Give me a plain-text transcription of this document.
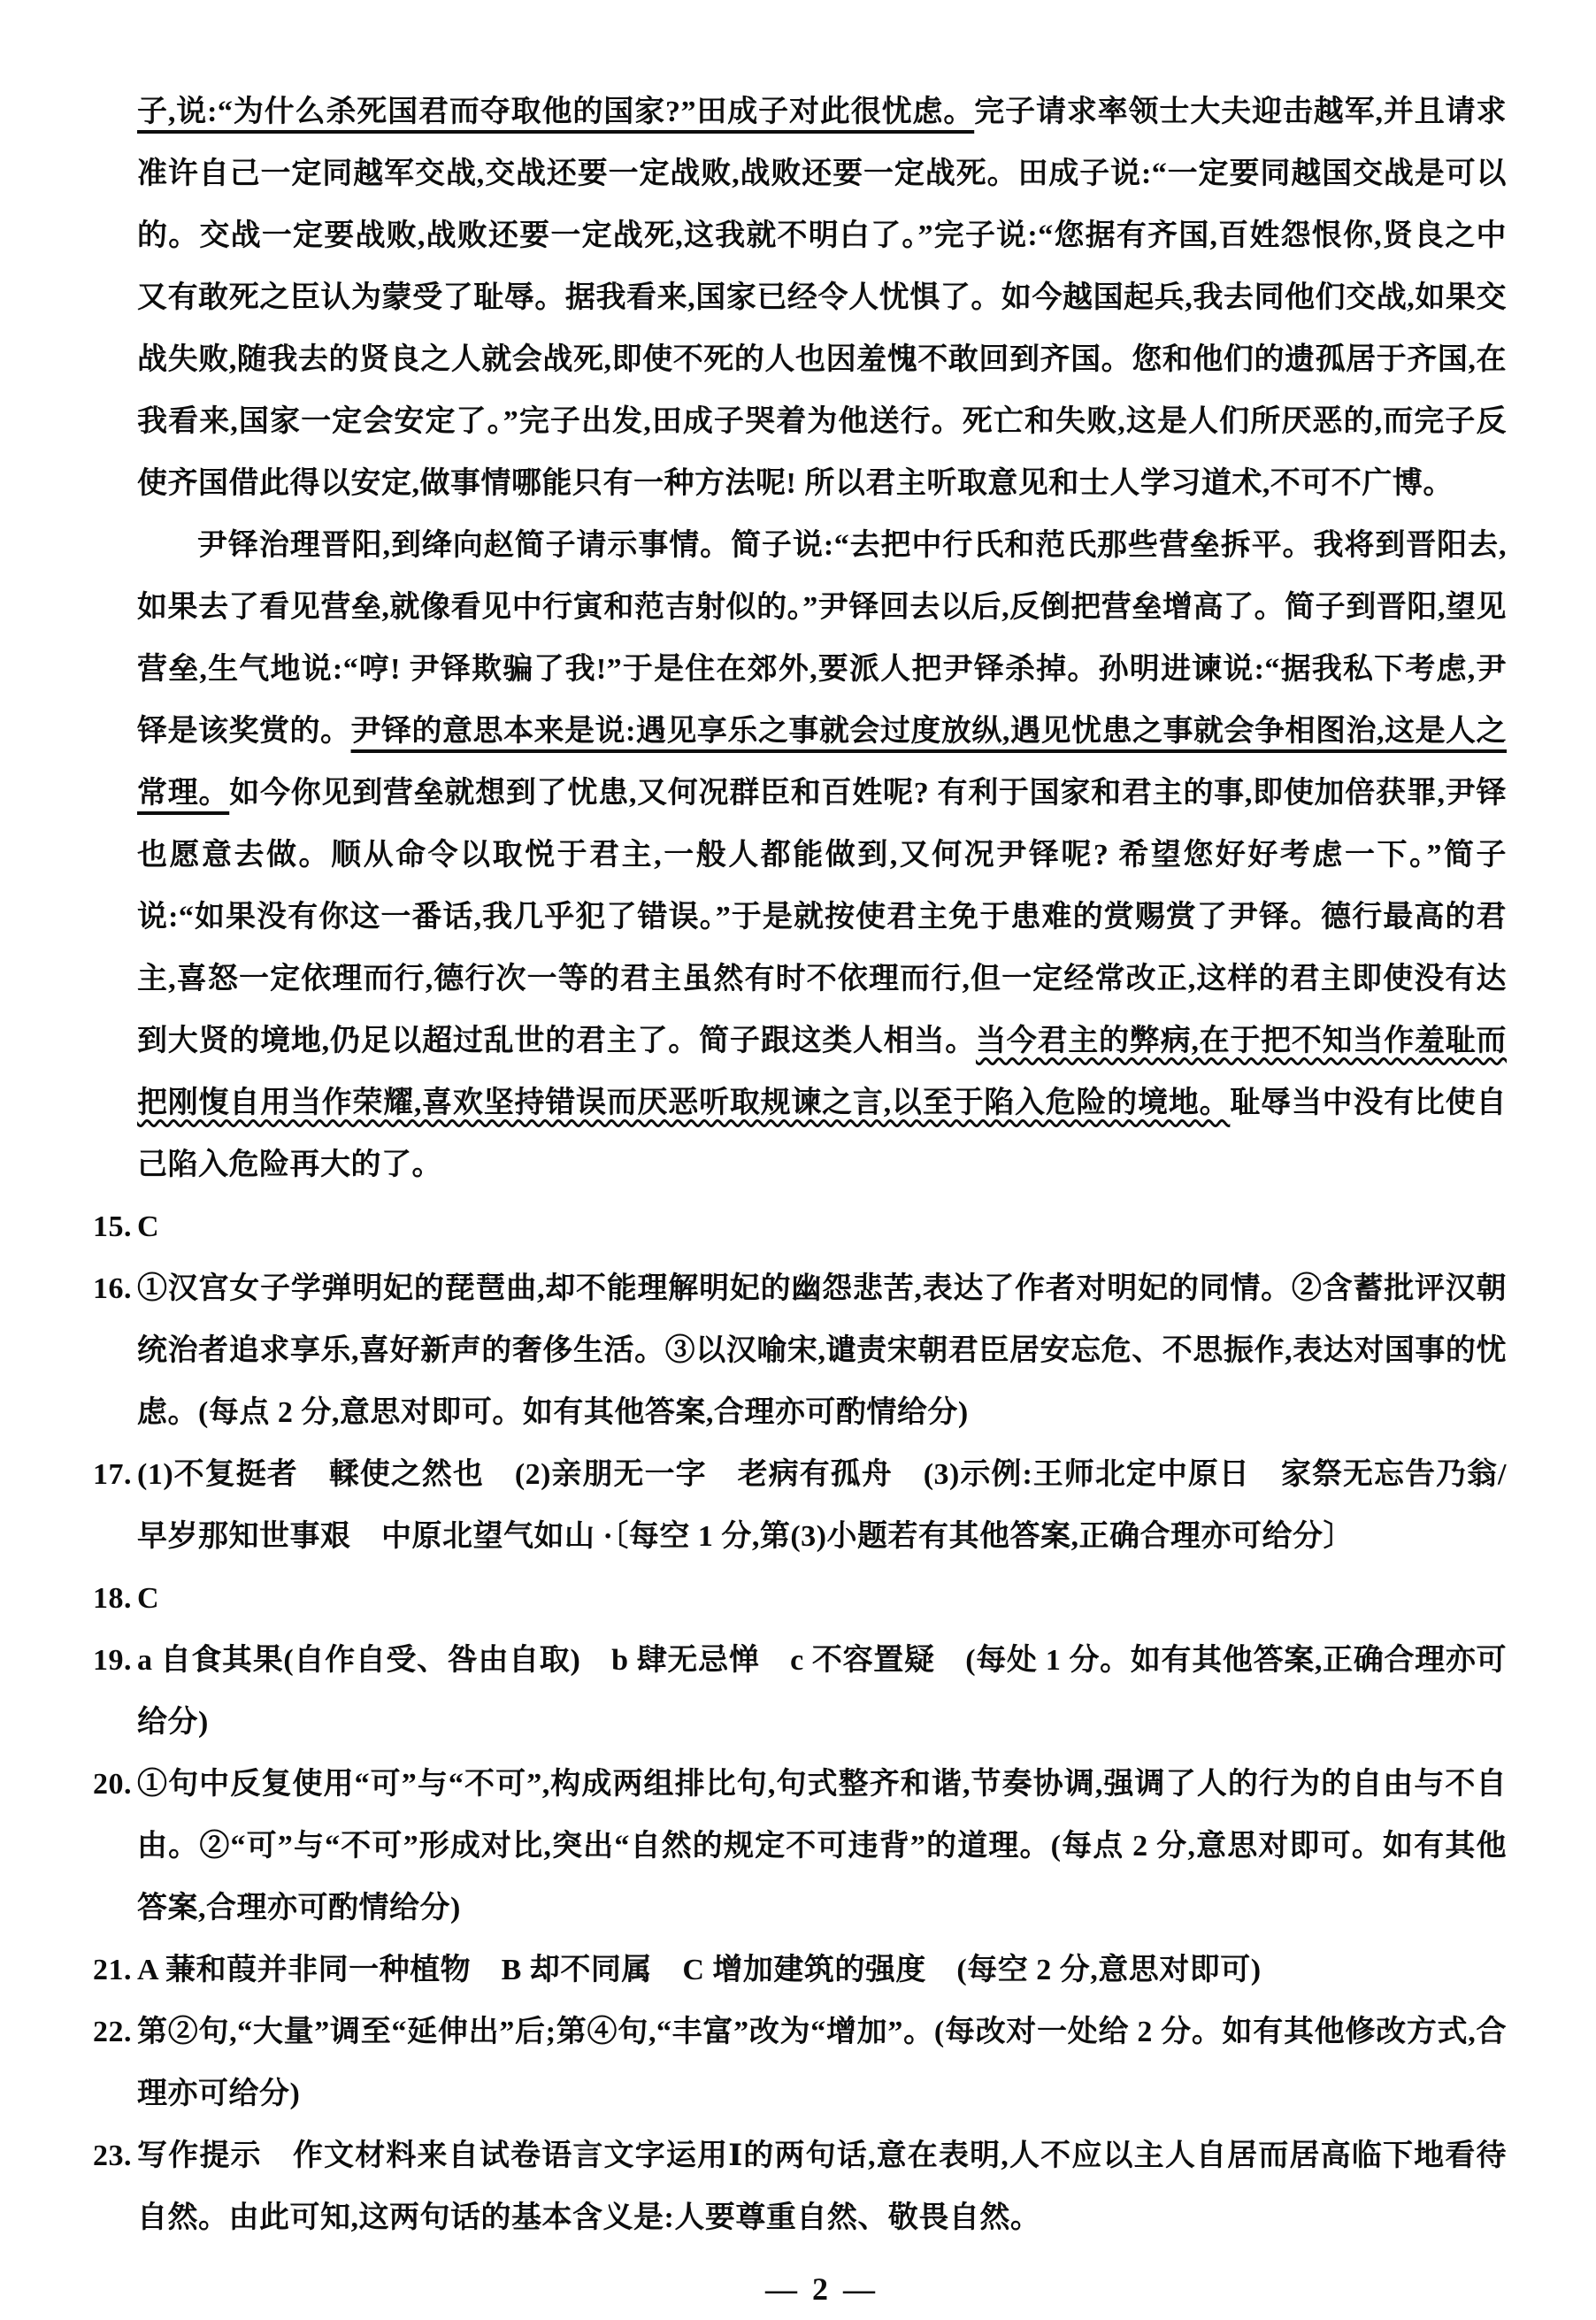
子,说:“为什么杀死国君而夺取他的国家?”田成子对此很忧虑。完子请求率领士大夫迎击越军,并且请求准许自己一定同越军交战,交战还要一定战败,战败还要一定战死。田成子说:“一定要同越国交战是可以的。交战一定要战败,战败还要一定战死,这我就不明白了。”完子说:“您据有齐国,百姓怨恨你,贤良之中又有敢死之臣认为蒙受了耻辱。据我看来,国家已经令人忧惧了。如今越国起兵,我去同他们交战,如果交战失败,随我去的贤良之人就会战死,即使不死的人也因羞愧不敢回到齐国。您和他们的遗孤居于齐国,在我看来,国家一定会安定了。”完子出发,田成子哭着为他送行。死亡和失败,这是人们所厌恶的,而完子反使齐国借此得以安定,做事情哪能只有一种方法呢! 所以君主听取意见和士人学习道术,不可不广博。

尹铎治理晋阳,到绛向赵简子请示事情。简子说:“去把中行氏和范氏那些营垒拆平。我将到晋阳去,如果去了看见营垒,就像看见中行寅和范吉射似的。”尹铎回去以后,反倒把营垒增高了。简子到晋阳,望见营垒,生气地说:“哼! 尹铎欺骗了我!”于是住在郊外,要派人把尹铎杀掉。孙明进谏说:“据我私下考虑,尹铎是该奖赏的。尹铎的意思本来是说:遇见享乐之事就会过度放纵,遇见忧患之事就会争相图治,这是人之常理。如今你见到营垒就想到了忧患,又何况群臣和百姓呢? 有利于国家和君主的事,即使加倍获罪,尹铎也愿意去做。顺从命令以取悦于君主,一般人都能做到,又何况尹铎呢? 希望您好好考虑一下。”简子说:“如果没有你这一番话,我几乎犯了错误。”于是就按使君主免于患难的赏赐赏了尹铎。德行最高的君主,喜怒一定依理而行,德行次一等的君主虽然有时不依理而行,但一定经常改正,这样的君主即使没有达到大贤的境地,仍足以超过乱世的君主了。简子跟这类人相当。当今君主的弊病,在于把不知当作羞耻而把刚愎自用当作荣耀,喜欢坚持错误而厌恶听取规谏之言,以至于陷入危险的境地。耻辱当中没有比使自己陷入危险再大的了。

15. C
16. ①汉宫女子学弹明妃的琵琶曲,却不能理解明妃的幽怨悲苦,表达了作者对明妃的同情。②含蓄批评汉朝统治者追求享乐,喜好新声的奢侈生活。③以汉喻宋,谴责宋朝君臣居安忘危、不思振作,表达对国事的忧虑。(每点 2 分,意思对即可。如有其他答案,合理亦可酌情给分)
17. (1)不复挺者　輮使之然也　(2)亲朋无一字　老病有孤舟　(3)示例:王师北定中原日　家祭无忘告乃翁/早岁那知世事艰　中原北望气如山 ·〔每空 1 分,第(3)小题若有其他答案,正确合理亦可给分〕
18. C
19. a 自食其果(自作自受、咎由自取)　b 肆无忌惮　c 不容置疑　(每处 1 分。如有其他答案,正确合理亦可给分)
20. ①句中反复使用“可”与“不可”,构成两组排比句,句式整齐和谐,节奏协调,强调了人的行为的自由与不自由。②“可”与“不可”形成对比,突出“自然的规定不可违背”的道理。(每点 2 分,意思对即可。如有其他答案,合理亦可酌情给分)
21. A 蒹和葭并非同一种植物　B 却不同属　C 增加建筑的强度　(每空 2 分,意思对即可)
22. 第②句,“大量”调至“延伸出”后;第④句,“丰富”改为“增加”。(每改对一处给 2 分。如有其他修改方式,合理亦可给分)
23. 写作提示　作文材料来自试卷语言文字运用Ⅰ的两句话,意在表明,人不应以主人自居而居高临下地看待自然。由此可知,这两句话的基本含义是:人要尊重自然、敬畏自然。
— 2 —
